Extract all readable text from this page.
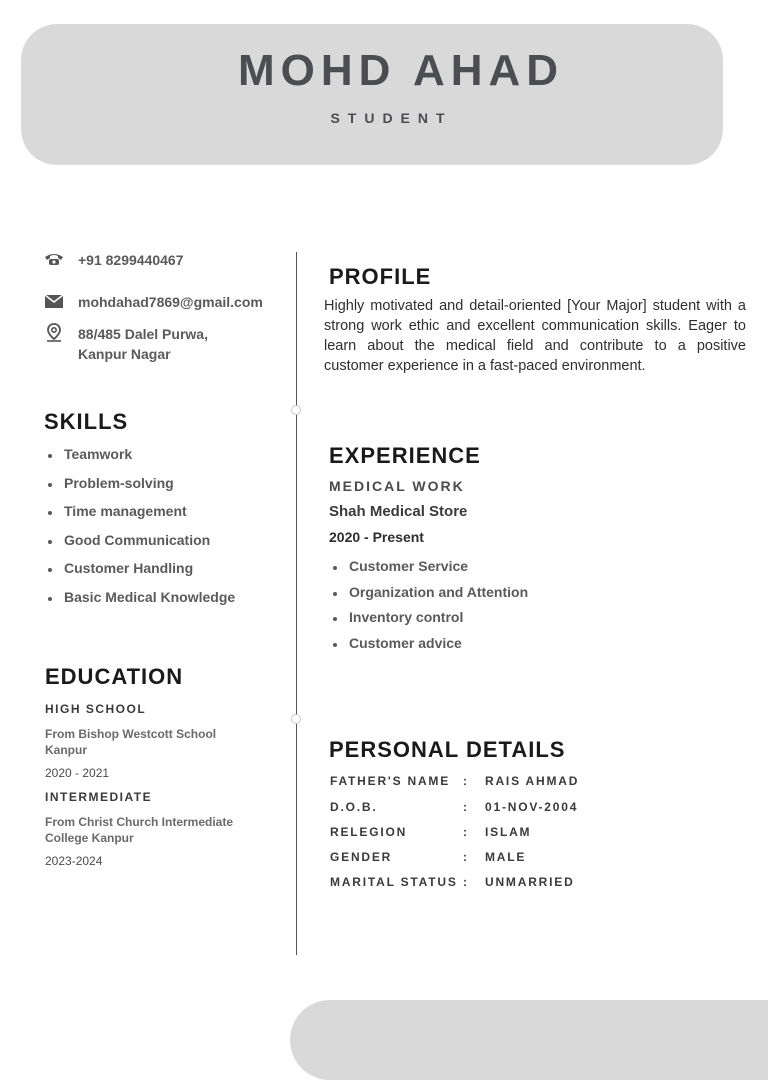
MOHD AHAD
STUDENT
+91 8299440467
mohdahad7869@gmail.com
88/485 Dalel Purwa,
Kanpur Nagar
SKILLS
Teamwork
Problem-solving
Time management
Good Communication
Customer Handling
Basic Medical Knowledge
EDUCATION
HIGH SCHOOL
From Bishop Westcott School
Kanpur
2020 - 2021
INTERMEDIATE
From Christ Church Intermediate
College Kanpur
2023-2024
PROFILE
Highly motivated and detail-oriented [Your Major] student with a strong work ethic and excellent communication skills. Eager to learn about the medical field and contribute to a positive customer experience in a fast-paced environment.
EXPERIENCE
MEDICAL WORK
Shah Medical Store
2020 - Present
Customer Service
Organization and Attention
Inventory control
Customer advice
PERSONAL DETAILS
FATHER'S NAME : RAIS AHMAD
D.O.B.	: 01-NOV-2004
RELEGION	: ISLAM
GENDER	: MALE
MARITAL STATUS : UNMARRIED
